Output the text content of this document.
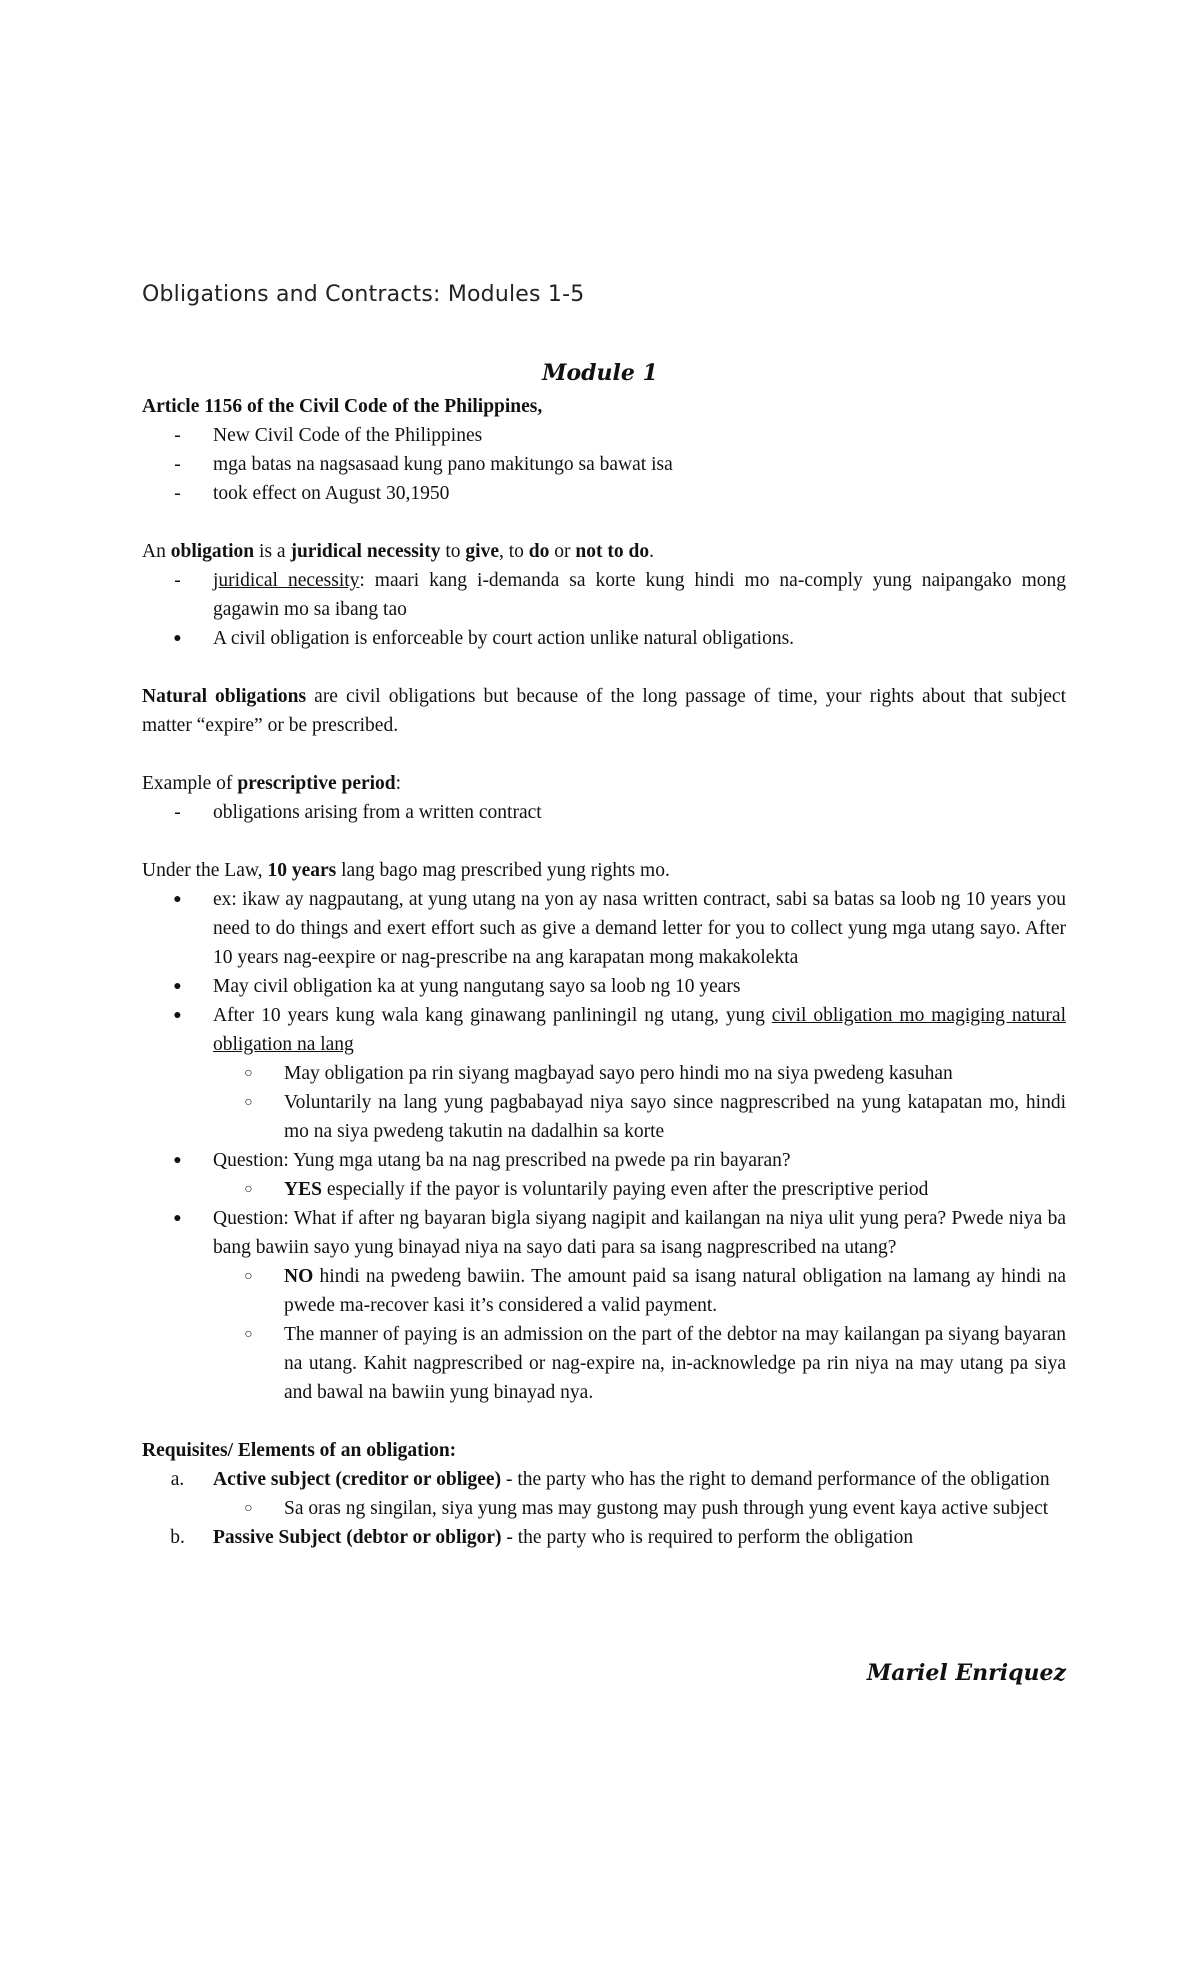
Obligations and Contracts: Modules 1-5
Module 1

Article 1156 of the Civil Code of the Philippines,

-	New Civil Code of the Philippines
-	mga batas na nagsasaad kung pano makitungo sa bawat isa
-	took effect on August 30,1950

An obligation is a juridical necessity to give, to do or not to do.

-	juridical necessity: maari kang i-demanda sa korte kung hindi mo na-comply yung naipangako mong gagawin mo sa ibang tao
●	A civil obligation is enforceable by court action unlike natural obligations.

Natural obligations are civil obligations but because of the long passage of time, your rights about that subject matter “expire” or be prescribed.

Example of prescriptive period:

-	obligations arising from a written contract

Under the Law, 10 years lang bago mag prescribed yung rights mo.

●	ex: ikaw ay nagpautang, at yung utang na yon ay nasa written contract, sabi sa batas sa loob ng 10 years you need to do things and exert effort such as give a demand letter for you to collect yung mga utang sayo. After 10 years nag-eexpire or nag-prescribe na ang karapatan mong makakolekta
●	May civil obligation ka at yung nangutang sayo sa loob ng 10 years
●	After 10 years kung wala kang ginawang panliningil ng utang, yung civil obligation mo magiging natural obligation na lang
○	May obligation pa rin siyang magbayad sayo pero hindi mo na siya pwedeng kasuhan
○	Voluntarily na lang yung pagbabayad niya sayo since nagprescribed na yung katapatan mo, hindi mo na siya pwedeng takutin na dadalhin sa korte
●	Question: Yung mga utang ba na nag prescribed na pwede pa rin bayaran?
○	YES especially if the payor is voluntarily paying even after the prescriptive period
●	Question: What if after ng bayaran bigla siyang nagipit and kailangan na niya ulit yung pera? Pwede niya ba bang bawiin sayo yung binayad niya na sayo dati para sa isang nagprescribed na utang?
○	NO hindi na pwedeng bawiin. The amount paid sa isang natural obligation na lamang ay hindi na pwede ma-recover kasi it’s considered a valid payment.
○	The manner of paying is an admission on the part of the debtor na may kailangan pa siyang bayaran na utang. Kahit nagprescribed or nag-expire na, in-acknowledge pa rin niya na may utang pa siya and bawal na bawiin yung binayad nya.

Requisites/ Elements of an obligation:

a.	Active subject (creditor or obligee) - the party who has the right to demand performance of the obligation
○	Sa oras ng singilan, siya yung mas may gustong may push through yung event kaya active subject
b.	Passive Subject (debtor or obligor) - the party who is required to perform the obligation
Mariel Enriquez
